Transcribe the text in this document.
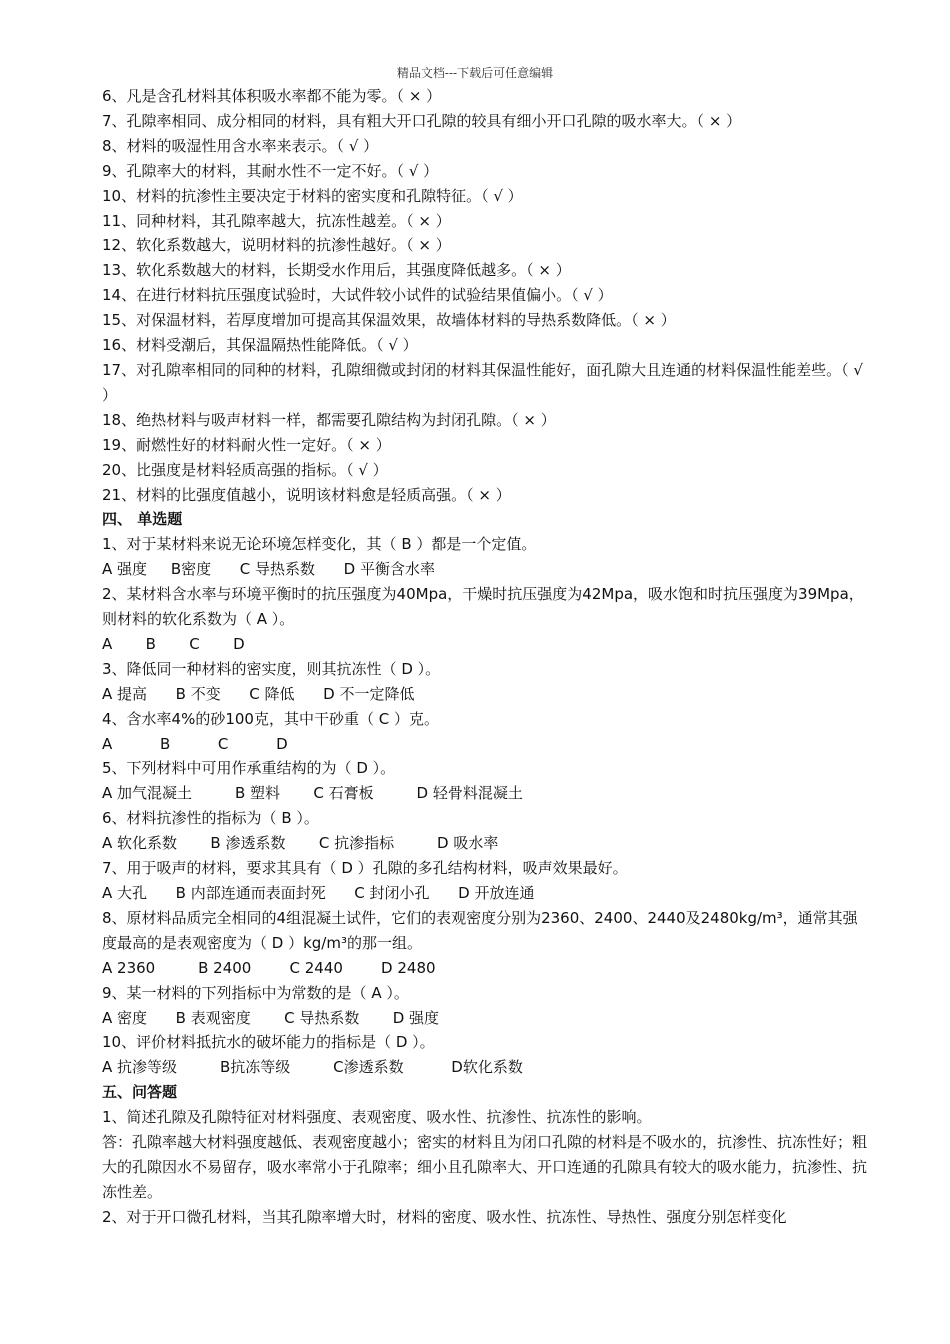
精品文档---下载后可任意编辑
6、凡是含孔材料其体积吸水率都不能为零。（ × ）
7、孔隙率相同、成分相同的材料，具有粗大开口孔隙的较具有细小开口孔隙的吸水率大。（ × ）
8、材料的吸湿性用含水率来表示。（ √ ）
9、孔隙率大的材料，其耐水性不一定不好。（ √ ）
10、材料的抗渗性主要决定于材料的密实度和孔隙特征。（ √ ）
11、同种材料，其孔隙率越大，抗冻性越差。（ × ）
12、软化系数越大，说明材料的抗渗性越好。（ × ）
13、软化系数越大的材料，长期受水作用后，其强度降低越多。（ × ）
14、在进行材料抗压强度试验时，大试件较小试件的试验结果值偏小。（ √ ）
15、对保温材料，若厚度增加可提高其保温效果，故墙体材料的导热系数降低。（ × ）
16、材料受潮后，其保温隔热性能降低。（ √ ）
17、对孔隙率相同的同种的材料，孔隙细微或封闭的材料其保温性能好，面孔隙大且连通的材料保温性能差些。（ √ ）
18、绝热材料与吸声材料一样，都需要孔隙结构为封闭孔隙。（ × ）
19、耐燃性好的材料耐火性一定好。（ × ）
20、比强度是材料轻质高强的指标。（ √ ）
21、材料的比强度值越小，说明该材料愈是轻质高强。（ × ）
四、 单选题
1、对于某材料来说无论环境怎样变化，其（ B ）都是一个定值。
A 强度     B密度      C 导热系数      D 平衡含水率
2、某材料含水率与环境平衡时的抗压强度为40Mpa，干燥时抗压强度为42Mpa，吸水饱和时抗压强度为39Mpa，则材料的软化系数为（ A ）。
A       B       C       D
3、降低同一种材料的密实度，则其抗冻性（ D ）。
A 提高      B 不变      C 降低      D 不一定降低
4、含水率4%的砂100克，其中干砂重（ C ）克。
A          B          C          D
5、下列材料中可用作承重结构的为（ D ）。
A 加气混凝土         B 塑料       C 石膏板         D 轻骨料混凝土
6、材料抗渗性的指标为（ B ）。
A 软化系数       B 渗透系数       C 抗渗指标         D 吸水率
7、用于吸声的材料，要求其具有（ D ）孔隙的多孔结构材料，吸声效果最好。
A 大孔      B 内部连通而表面封死      C 封闭小孔      D 开放连通
8、原材料品质完全相同的4组混凝土试件，它们的表观密度分别为2360、2400、2440及2480kg/m³，通常其强度最高的是表观密度为（ D ）kg/m³的那一组。
A 2360         B 2400        C 2440        D 2480
9、某一材料的下列指标中为常数的是（ A ）。
A 密度      B 表观密度       C 导热系数       D 强度
10、评价材料抵抗水的破坏能力的指标是（ D ）。
A 抗渗等级         B抗冻等级         C渗透系数          D软化系数
五、问答题
1、简述孔隙及孔隙特征对材料强度、表观密度、吸水性、抗渗性、抗冻性的影响。
答：孔隙率越大材料强度越低、表观密度越小；密实的材料且为闭口孔隙的材料是不吸水的，抗渗性、抗冻性好；粗大的孔隙因水不易留存，吸水率常小于孔隙率；细小且孔隙率大、开口连通的孔隙具有较大的吸水能力，抗渗性、抗冻性差。
2、对于开口微孔材料，当其孔隙率增大时，材料的密度、吸水性、抗冻性、导热性、强度分别怎样变化
